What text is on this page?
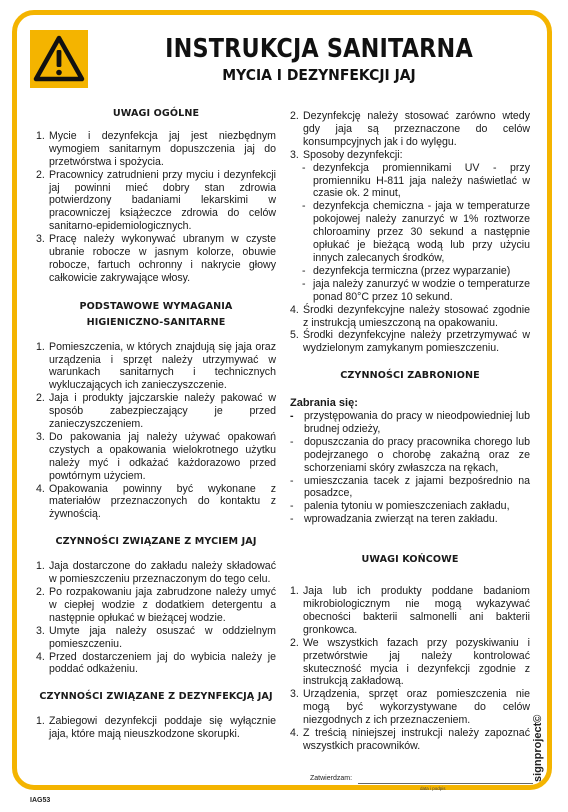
INSTRUKCJA SANITARNA
MYCIA I DEZYNFEKCJI JAJ

UWAGI OGÓLNE

1. Mycie i dezynfekcja jaj jest niezbędnym wymogiem sanitarnym dopuszczenia jaj do przetwórstwa i spożycia.
2. Pracownicy zatrudnieni przy myciu i dezynfekcji jaj powinni mieć dobry stan zdrowia potwierdzony badaniami lekarskimi w pracowniczej książeczce zdrowia do celów sanitarno-epidemiologicznych.
3. Pracę należy wykonywać ubranym w czyste ubranie robocze w jasnym kolorze, obuwie robocze, fartuch ochronny i nakrycie głowy całkowicie zakrywające włosy.

PODSTAWOWE WYMAGANIA

HIGIENICZNO-SANITARNE

1. Pomieszczenia, w których znajdują się jaja oraz urządzenia i sprzęt należy utrzymywać w warunkach sanitarnych i technicznych wykluczających ich zanieczyszczenie.
2. Jaja i produkty jajczarskie należy pakować w sposób zabezpieczający je przed zanieczyszczeniem.
3. Do pakowania jaj należy używać opakowań czystych a opakowania wielokrotnego użytku należy myć i odkażać każdorazowo przed powtórnym użyciem.
4. Opakowania powinny być wykonane z materiałów przeznaczonych do kontaktu z żywnością.

CZYNNOŚCI ZWIĄZANE Z MYCIEM JAJ

1. Jaja dostarczone do zakładu należy składować w pomieszczeniu przeznaczonym do tego celu.
2. Po rozpakowaniu jaja zabrudzone należy umyć w ciepłej wodzie z dodatkiem detergentu a następnie opłukać w bieżącej wodzie.
3. Umyte jaja należy osuszać w oddzielnym pomieszczeniu.
4. Przed dostarczeniem jaj do wybicia należy je poddać odkażeniu.

CZYNNOŚCI ZWIĄZANE Z DEZYNFEKCJĄ JAJ

1. Zabiegowi dezynfekcji poddaje się wyłącznie jaja, które mają nieuszkodzone skorupki.
2. Dezynfekcję należy stosować zarówno wtedy gdy jaja są przeznaczone do celów konsumpcyjnych jak i do wylęgu.
3. Sposoby dezynfekcji:
- dezynfekcja promiennikami UV - przy promienniku H-811 jaja należy naświetlać w czasie ok. 2 minut,
- dezynfekcja chemiczna - jaja w temperaturze pokojowej należy zanurzyć w 1% roztworze chloroaminy przez 30 sekund a następnie opłukać je bieżącą wodą lub przy użyciu innych zalecanych środków,
- dezynfekcja termiczna (przez wyparzanie)
- jaja należy zanurzyć w wodzie o temperaturze ponad 80°C przez 10 sekund.
4. Środki dezynfekcyjne należy stosować zgodnie z instrukcją umieszczoną na opakowaniu.
5. Środki dezynfekcyjne należy przetrzymywać w wydzielonym zamykanym pomieszczeniu.

CZYNNOŚCI ZABRONIONE

Zabrania się:

- przystępowania do pracy w nieodpowiedniej lub brudnej odzieży,
- dopuszczania do pracy pracownika chorego lub podejrzanego o chorobę zakaźną oraz ze schorzeniami skóry zwłaszcza na rękach,
- umieszczania tacek z jajami bezpośrednio na posadzce,
- palenia tytoniu w pomieszczeniach zakładu,
- wprowadzania zwierząt na teren zakładu.

UWAGI KOŃCOWE

1. Jaja lub ich produkty poddane badaniom mikrobiologicznym nie mogą wykazywać obecności bakterii salmonelli ani bakterii gronkowca.
2. We wszystkich fazach przy pozyskiwaniu i przetwórstwie jaj należy kontrolować skuteczność mycia i dezynfekcji zgodnie z instrukcją zakładową.
3. Urządzenia, sprzęt oraz pomieszczenia nie mogą być wykorzystywane do celów niezgodnych z ich przeznaczeniem.
4. Z treścią niniejszej instrukcji należy zapoznać wszystkich pracowników.
Zatwierdzam:
data i podpis
IAG53
signproject©
